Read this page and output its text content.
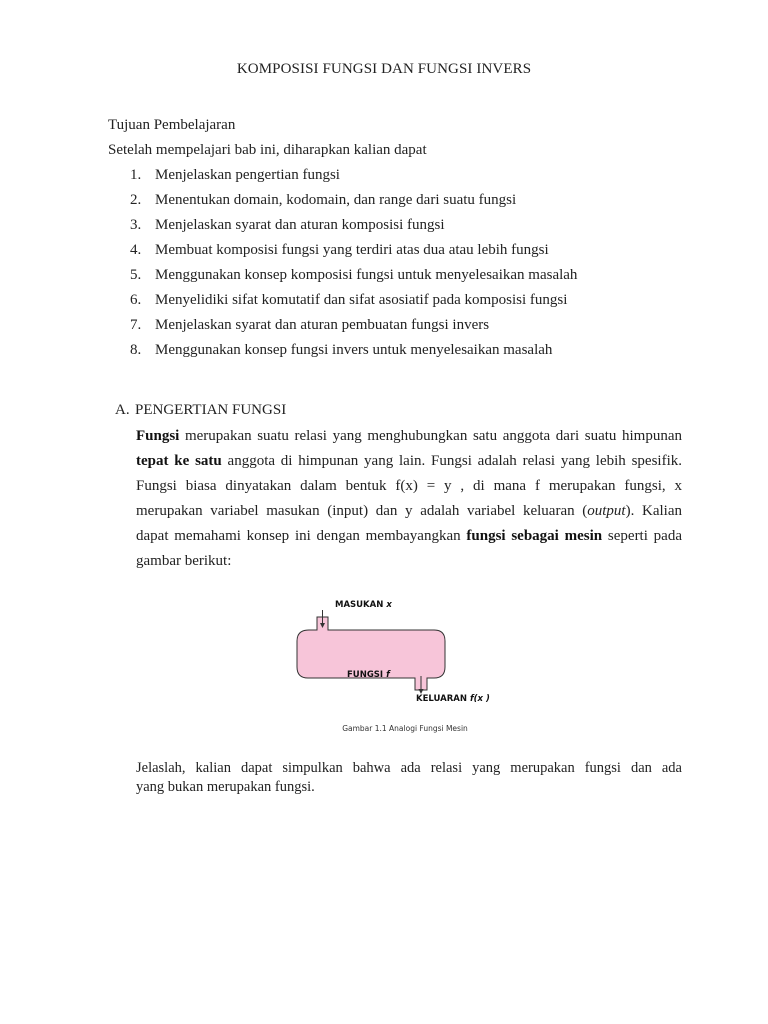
KOMPOSISI FUNGSI DAN FUNGSI INVERS
Tujuan Pembelajaran
Setelah mempelajari bab ini, diharapkan kalian dapat
1. Menjelaskan pengertian fungsi
2. Menentukan domain, kodomain, dan range dari suatu fungsi
3. Menjelaskan syarat dan aturan komposisi fungsi
4. Membuat komposisi fungsi yang terdiri atas dua atau lebih fungsi
5. Menggunakan konsep komposisi fungsi untuk menyelesaikan masalah
6. Menyelidiki sifat komutatif dan sifat asosiatif pada komposisi fungsi
7. Menjelaskan syarat dan aturan pembuatan fungsi invers
8. Menggunakan konsep fungsi invers untuk menyelesaikan masalah
A. PENGERTIAN FUNGSI
Fungsi merupakan suatu relasi yang menghubungkan satu anggota dari suatu himpunan
tepat ke satu anggota di himpunan yang lain. Fungsi adalah relasi yang lebih spesifik.
Fungsi biasa dinyatakan dalam bentuk f(x) = y , di mana f merupakan fungsi, x
merupakan variabel masukan (input) dan y adalah variabel keluaran (output). Kalian
dapat memahami konsep ini dengan membayangkan fungsi sebagai mesin seperti pada
gambar berikut:
MASUKAN x
FUNGSI f
KELUARAN f(x )
Gambar 1.1 Analogi Fungsi Mesin
Jelaslah, kalian dapat simpulkan bahwa ada relasi yang merupakan fungsi dan ada
yang bukan merupakan fungsi.
